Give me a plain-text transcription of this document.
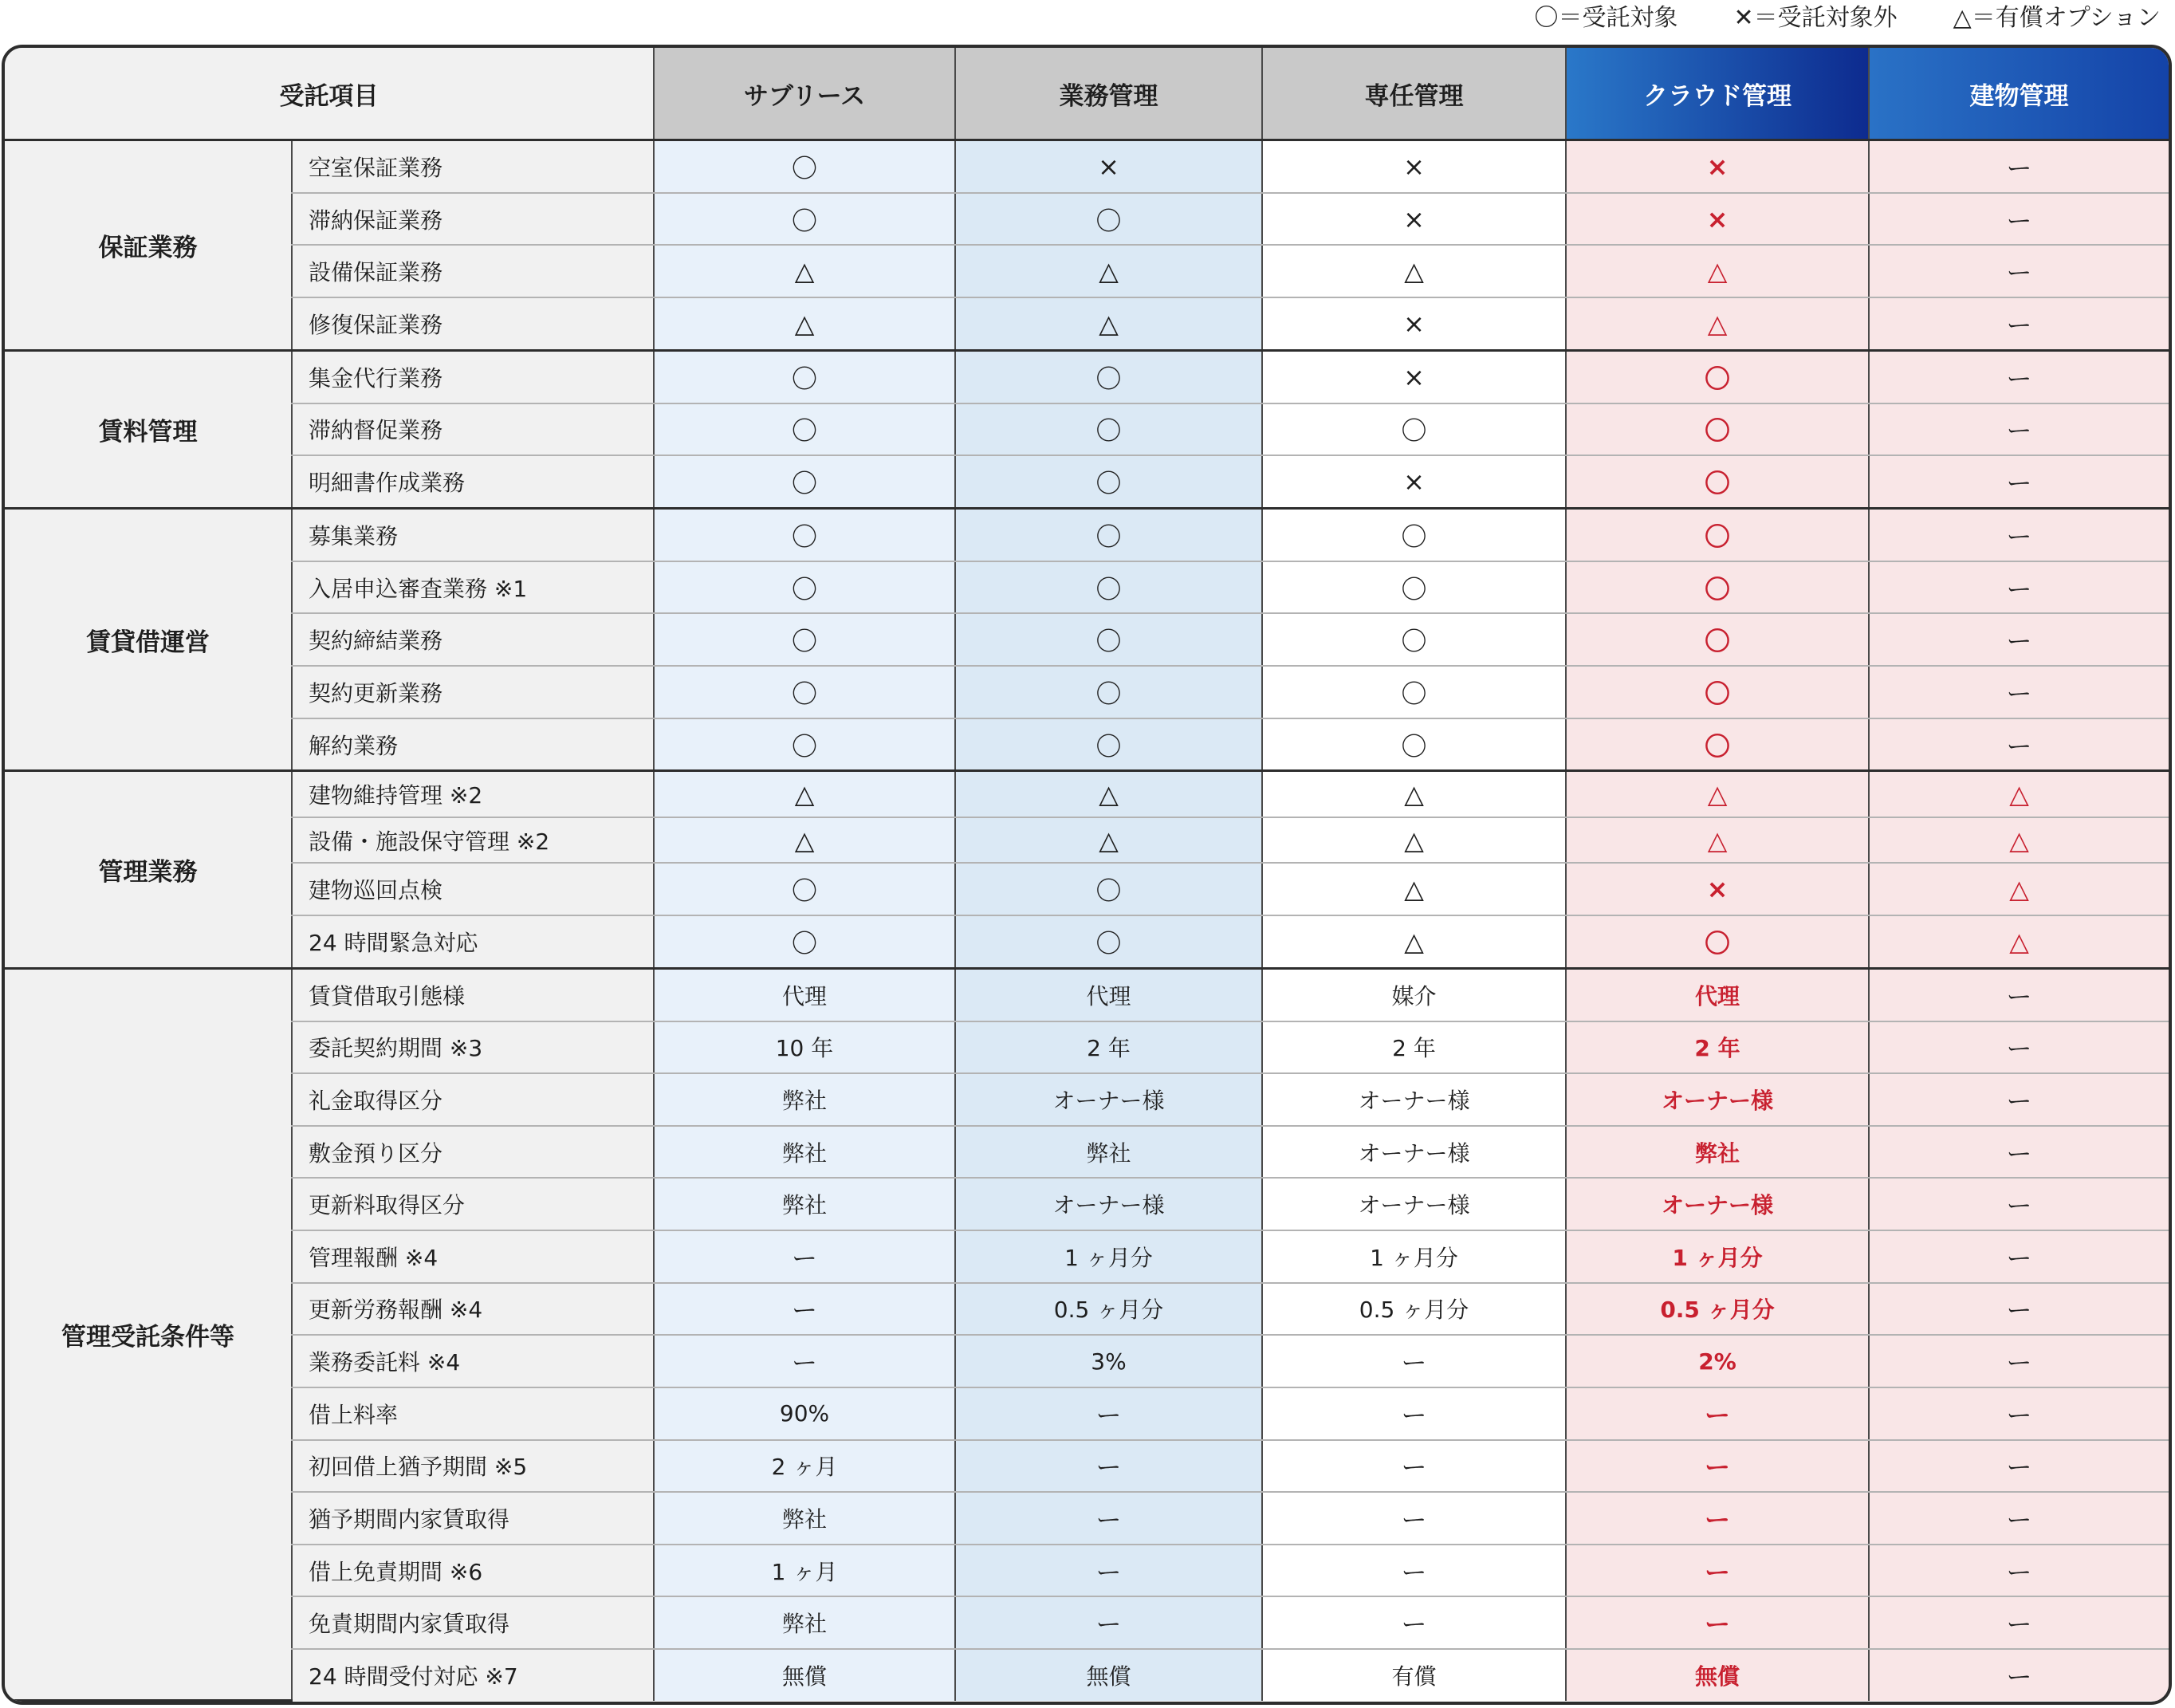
〇＝受託対象 ✕＝受託対象外 △＝有償オプション
受託項目		サブリース	業務管理	専任管理	クラウド管理	建物管理
保証業務	空室保証業務	〇	×	×	×	ー
	滞納保証業務	〇	〇	×	×	ー
	設備保証業務	△	△	△	△	ー
	修復保証業務	△	△	×	△	ー
賃料管理	集金代行業務	〇	〇	×	〇	ー
	滞納督促業務	〇	〇	〇	〇	ー
	明細書作成業務	〇	〇	×	〇	ー
賃貸借運営	募集業務	〇	〇	〇	〇	ー
	入居申込審査業務 ※1	〇	〇	〇	〇	ー
	契約締結業務	〇	〇	〇	〇	ー
	契約更新業務	〇	〇	〇	〇	ー
	解約業務	〇	〇	〇	〇	ー
管理業務	建物維持管理 ※2	△	△	△	△	△
	設備・施設保守管理 ※2	△	△	△	△	△
	建物巡回点検	〇	〇	△	×	△
	24 時間緊急対応	〇	〇	△	〇	△
管理受託条件等	賃貸借取引態様	代理	代理	媒介	代理	ー
	委託契約期間 ※3	10 年	2 年	2 年	2 年	ー
	礼金取得区分	弊社	オーナー様	オーナー様	オーナー様	ー
	敷金預り区分	弊社	弊社	オーナー様	弊社	ー
	更新料取得区分	弊社	オーナー様	オーナー様	オーナー様	ー
	管理報酬 ※4	ー	1 ヶ月分	1 ヶ月分	1 ヶ月分	ー
	更新労務報酬 ※4	ー	0.5 ヶ月分	0.5 ヶ月分	0.5 ヶ月分	ー
	業務委託料 ※4	ー	3%	ー	2%	ー
	借上料率	90%	ー	ー	ー	ー
	初回借上猶予期間 ※5	2 ヶ月	ー	ー	ー	ー
	猶予期間内家賃取得	弊社	ー	ー	ー	ー
	借上免責期間 ※6	1 ヶ月	ー	ー	ー	ー
	免責期間内家賃取得	弊社	ー	ー	ー	ー
	24 時間受付対応 ※7	無償	無償	有償	無償	ー
